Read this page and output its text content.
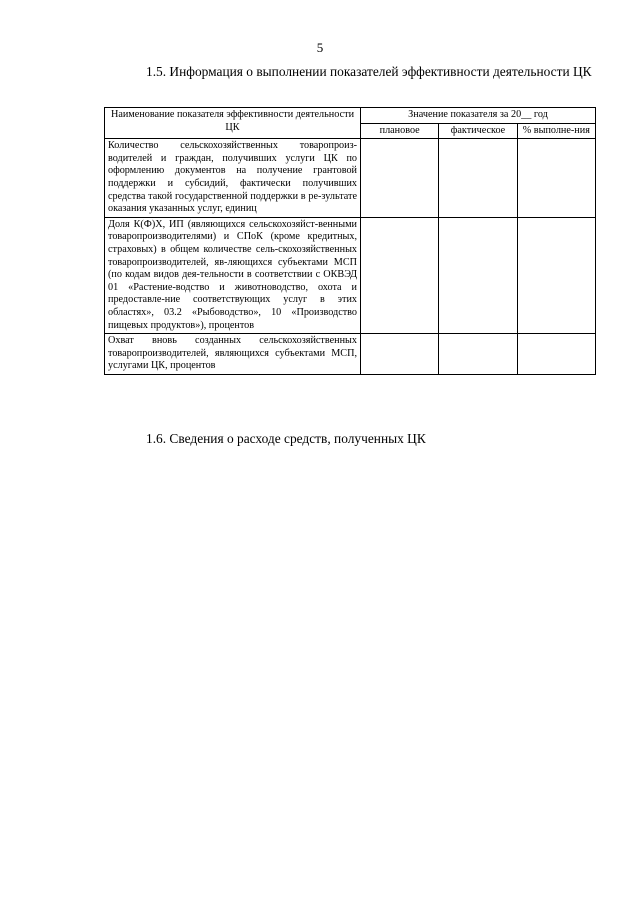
5
1.5. Информация о выполнении показателей эффективности деятельности ЦК
Наименование показателя эффективности деятельности ЦК	Значение показателя за 20__ год		
	плановое	фактическое	% выполне-ния
Количество сельскохозяйственных товаропроиз-водителей и граждан, получивших услуги ЦК по оформлению документов на получение грантовой поддержки и субсидий, фактически получивших средства такой государственной поддержки в ре-зультате оказания указанных услуг, единиц			
Доля К(Ф)Х, ИП (являющихся сельскохозяйст-венными товаропроизводителями) и СПоК (кроме кредитных, страховых) в общем количестве сель-скохозяйственных товаропроизводителей, яв-ляющихся субъектами МСП (по кодам видов дея-тельности в соответствии с ОКВЭД 01 «Растение-водство и животноводство, охота и предоставле-ние соответствующих услуг в этих областях», 03.2 «Рыбоводство», 10 «Производство пищевых продуктов»), процентов			
Охват вновь созданных сельскохозяйственных товаропроизводителей, являющихся субъектами МСП, услугами ЦК, процентов			
1.6. Сведения о расходе средств, полученных ЦК
